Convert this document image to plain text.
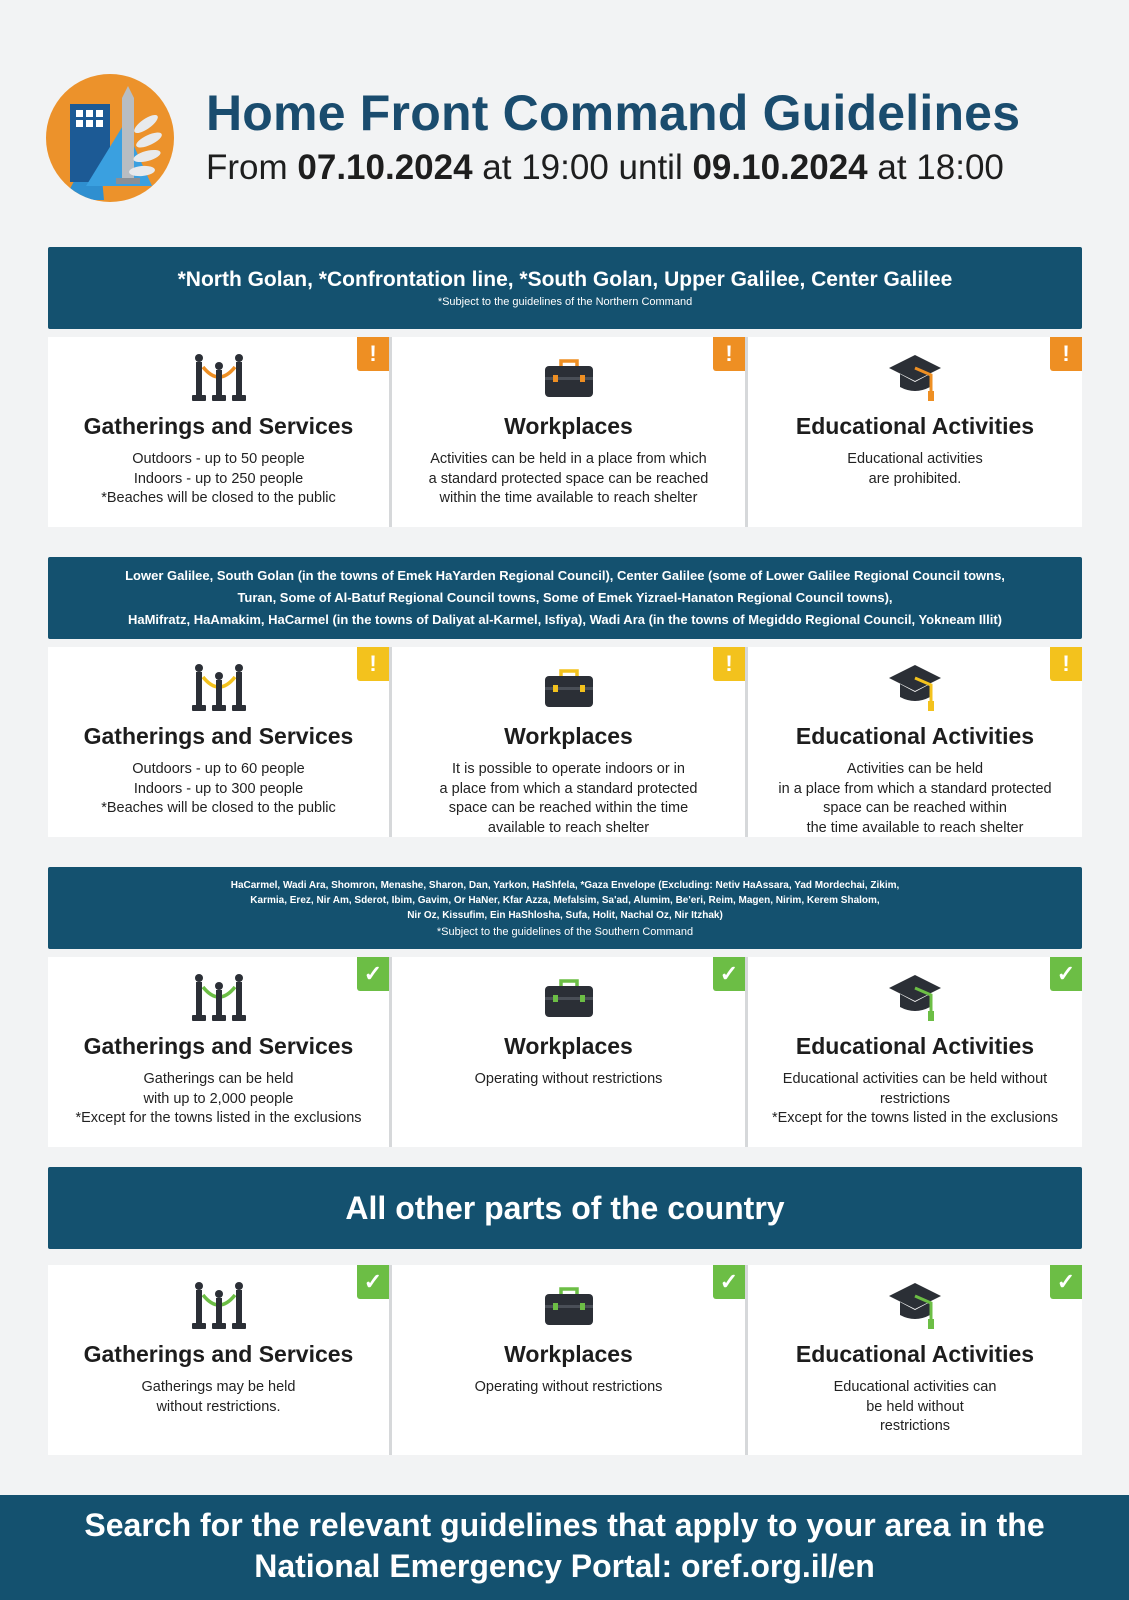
Home Front Command Guidelines
From 07.10.2024 at 19:00 until 09.10.2024 at 18:00
*North Golan, *Confrontation line, *South Golan, Upper Galilee, Center Galilee
*Subject to the guidelines of the Northern Command
!
Gatherings and Services
Outdoors - up to 50 people
Indoors - up to 250 people
*Beaches will be closed to the public
!
Workplaces
Activities can be held in a place from which
a standard protected space can be reached
within the time available to reach shelter
!
Educational Activities
Educational activities
are prohibited.
Lower Galilee, South Golan (in the towns of Emek HaYarden Regional Council), Center Galilee (some of Lower Galilee Regional Council towns,
Turan, Some of Al-Batuf Regional Council towns, Some of Emek Yizrael-Hanaton Regional Council towns),
HaMifratz, HaAmakim, HaCarmel (in the towns of Daliyat al-Karmel, Isfiya), Wadi Ara (in the towns of Megiddo Regional Council, Yokneam Illit)
!
Gatherings and Services
Outdoors - up to 60 people
Indoors - up to 300 people
*Beaches will be closed to the public
!
Workplaces
It is possible to operate indoors or in
a place from which a standard protected
space can be reached within the time
available to reach shelter
!
Educational Activities
Activities can be held
in a place from which a standard protected
space can be reached within
the time available to reach shelter
HaCarmel, Wadi Ara, Shomron, Menashe, Sharon, Dan, Yarkon, HaShfela, *Gaza Envelope (Excluding: Netiv HaAssara, Yad Mordechai, Zikim,
Karmia, Erez, Nir Am, Sderot, Ibim, Gavim, Or HaNer, Kfar Azza, Mefalsim, Sa'ad, Alumim, Be'eri, Reim, Magen, Nirim, Kerem Shalom,
Nir Oz, Kissufim, Ein HaShlosha, Sufa, Holit, Nachal Oz, Nir Itzhak)
*Subject to the guidelines of the Southern Command
✓
Gatherings and Services
Gatherings can be held
with up to 2,000 people
*Except for the towns listed in the exclusions
✓
Workplaces
Operating without restrictions
✓
Educational Activities
Educational activities can be held without
restrictions
*Except for the towns listed in the exclusions
All other parts of the country
✓
Gatherings and Services
Gatherings may be held
without restrictions.
✓
Workplaces
Operating without restrictions
✓
Educational Activities
Educational activities can
be held without
restrictions
Search for the relevant guidelines that apply to your area in the
National Emergency Portal: oref.org.il/en
